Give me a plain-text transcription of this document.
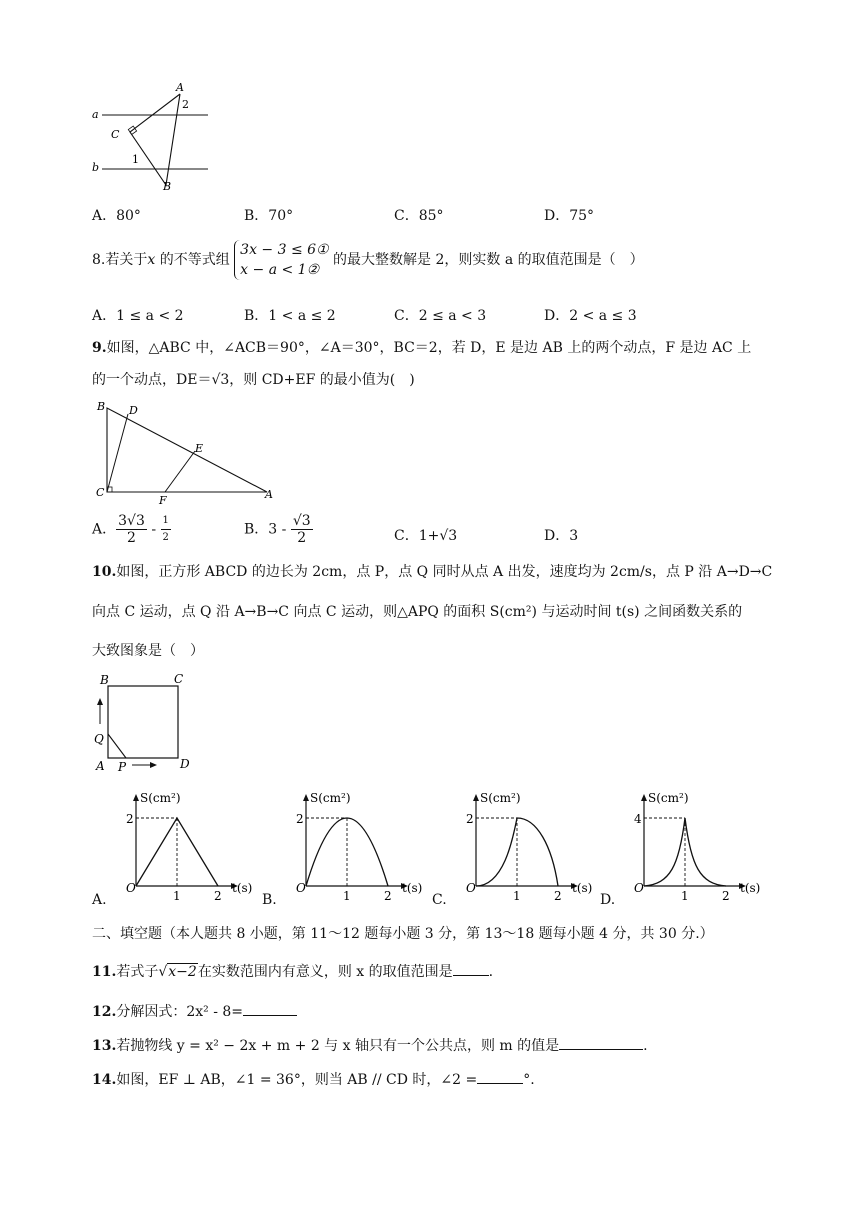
a
b
A
2
C
1
B
A．80°	B．70°	C．85°	D．75°
8.若关于x 的不等式组
3x − 3 ≤ 6①
x − a < 1②
的最大整数解是 2，则实数 a 的取值范围是（　）
A．1 ≤ a < 2	B．1 < a ≤ 2	C．2 ≤ a < 3	D．2 < a ≤ 3
9.如图，△ABC 中，∠ACB＝90°，∠A＝30°，BC＝2，若 D，E 是边 AB 上的两个动点，F 是边 AC 上
的一个动点，DE＝√3，则 CD+EF 的最小值为(　)
B D
E
C
F	A
A． $\frac{3√3}{2} - \frac{1}{2}$	B．$3 - \frac{√3}{2}$	C．1+√3	D．3
10.如图，正方形 ABCD 的边长为 2cm，点 P，点 Q 同时从点 A 出发，速度均为 2cm/s，点 P 沿 A→D→C
向点 C 运动，点 Q 沿 A→B→C 向点 C 运动，则△APQ 的面积 S(cm²) 与运动时间 t(s) 之间函数关系的
大致图象是（　）
B	C
Q
A P	D
A.
S(cm²)
2
O
1	2
t(s)
B.
S(cm²)
2
O
1	2
t(s)
C.
S(cm²)
2
O
1	2
t(s)
D.
S(cm²)
4
O
1	2
t(s)
二、填空题（本人题共 8 小题，第 11～12 题每小题 3 分，第 13～18 题每小题 4 分，共 30 分.）
11.若式子√x−2在实数范围内有意义，则 x 的取值范围是	.
12.分解因式：2x² - 8=
13.若抛物线 y = x² − 2x + m + 2 与 x 轴只有一个公共点，则 m 的值是	.
14.如图，EF ⊥ AB，∠1 = 36°，则当 AB // CD 时，∠2 =	°.
